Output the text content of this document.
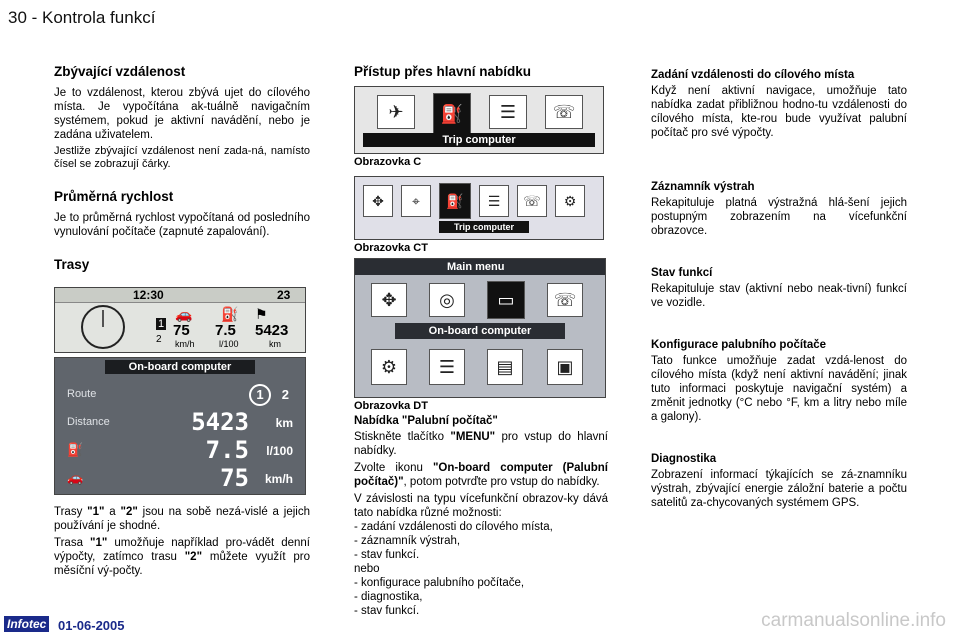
30 - Kontrola funkcí
Zbývající vzdálenost

Je to vzdálenost, kterou zbývá ujet do cílového místa. Je vypočítána ak-tuálně navigačním systémem, pokud je aktivní navádění, nebo je zadána uživatelem.

Jestliže zbývající vzdálenost není zada-ná, namísto čísel se zobrazují čárky.

Průměrná rychlost

Je to průměrná rychlost vypočítaná od posledního vynulování počítače (zapnuté zapalování).

Trasy
12:30	23
1
2
🚗 ⛽ ⚑
75 7.5 5423
km/h	l/100	km
On-board computer
Route	1	2
Distance	5423 km
⛽	7.5 l/100
🚗	75 km/h

Trasy "1" a "2" jsou na sobě nezá-vislé a jejich používání je shodné.

Trasa "1" umožňuje například pro-vádět denní výpočty, zatímco trasu "2" můžete využít pro měsíční vý-počty.

Přístup přes hlavní nabídku
✈	⛽	☰	☏
Trip computer
Obrazovka C
✥	⌖	⛽	☰	☏	⚙
Trip computer
Obrazovka CT
Main menu
✥	◎	▭	☏
On-board computer
⚙	☰	▤	▣
Obrazovka DT
Nabídka "Palubní počítač"

Stiskněte tlačítko "MENU" pro vstup do hlavní nabídky.

Zvolte ikonu "On-board computer (Palubní počítač)", potom potvrďte pro vstup do nabídky.

V závislosti na typu vícefunkční obrazov-ky dává tato nabídka různé možnosti:

- zadání vzdálenosti do cílového místa,
- záznamník výstrah,
- stav funkcí.
nebo
- konfigurace palubního počítače,
- diagnostika,
- stav funkcí.
Zadání vzdálenosti do cílového místa

Když není aktivní navigace, umožňuje tato nabídka zadat přibližnou hodno-tu vzdálenosti do cílového místa, kte-rou bude využívat palubní počítač pro své výpočty.

Záznamník výstrah

Rekapituluje platná výstražná hlá-šení jejich postupným zobrazením na vícefunkční obrazovce.

Stav funkcí

Rekapituluje stav (aktivní nebo neak-tivní) funkcí ve vozidle.

Konfigurace palubního počítače

Tato funkce umožňuje zadat vzdá-lenost do cílového místa (když není aktivní navádění; jinak tuto informaci poskytuje navigační systém) a změnit jednotky (°C nebo °F, km a litry nebo míle a galony).

Diagnostika

Zobrazení informací týkajících se zá-znamníku výstrah, zbývající energie záložní baterie a počtu satelitů za-chycovaných systémem GPS.

Infotec 01-06-2005	carmanualsonline.info
